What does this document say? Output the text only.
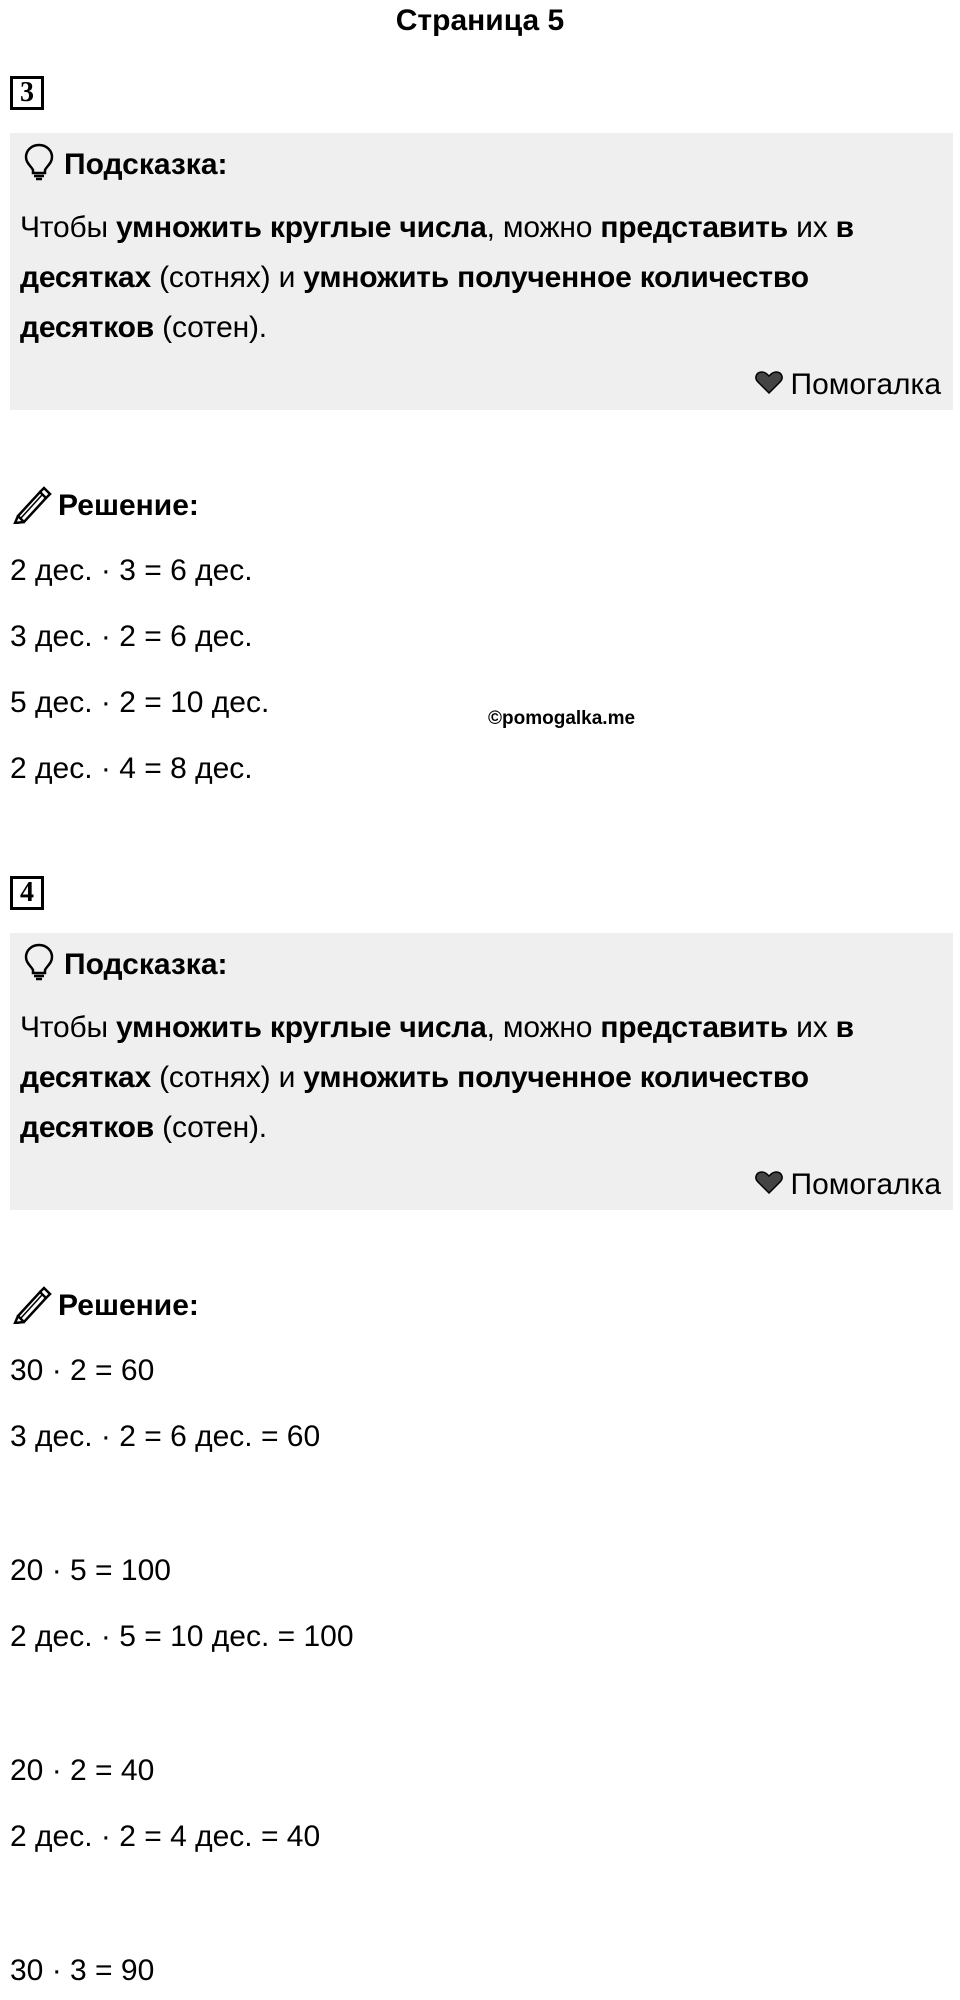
Страница 5
3
Подсказка:
Чтобы умножить круглые числа, можно представить их в десятках (сотнях) и умножить полученное количество десятков (сотен).
Помогалка
Решение:
2 дес. · 3 = 6 дес.
3 дес. · 2 = 6 дес.
5 дес. · 2 = 10 дес.
2 дес. · 4 = 8 дес.
©pomogalka.me
4
Подсказка:
Чтобы умножить круглые числа, можно представить их в десятках (сотнях) и умножить полученное количество десятков (сотен).
Помогалка
Решение:
30 · 2 = 60
3 дес. · 2 = 6 дес. = 60
20 · 5 = 100
2 дес. · 5 = 10 дес. = 100
20 · 2 = 40
2 дес. · 2 = 4 дес. = 40
30 · 3 = 90
